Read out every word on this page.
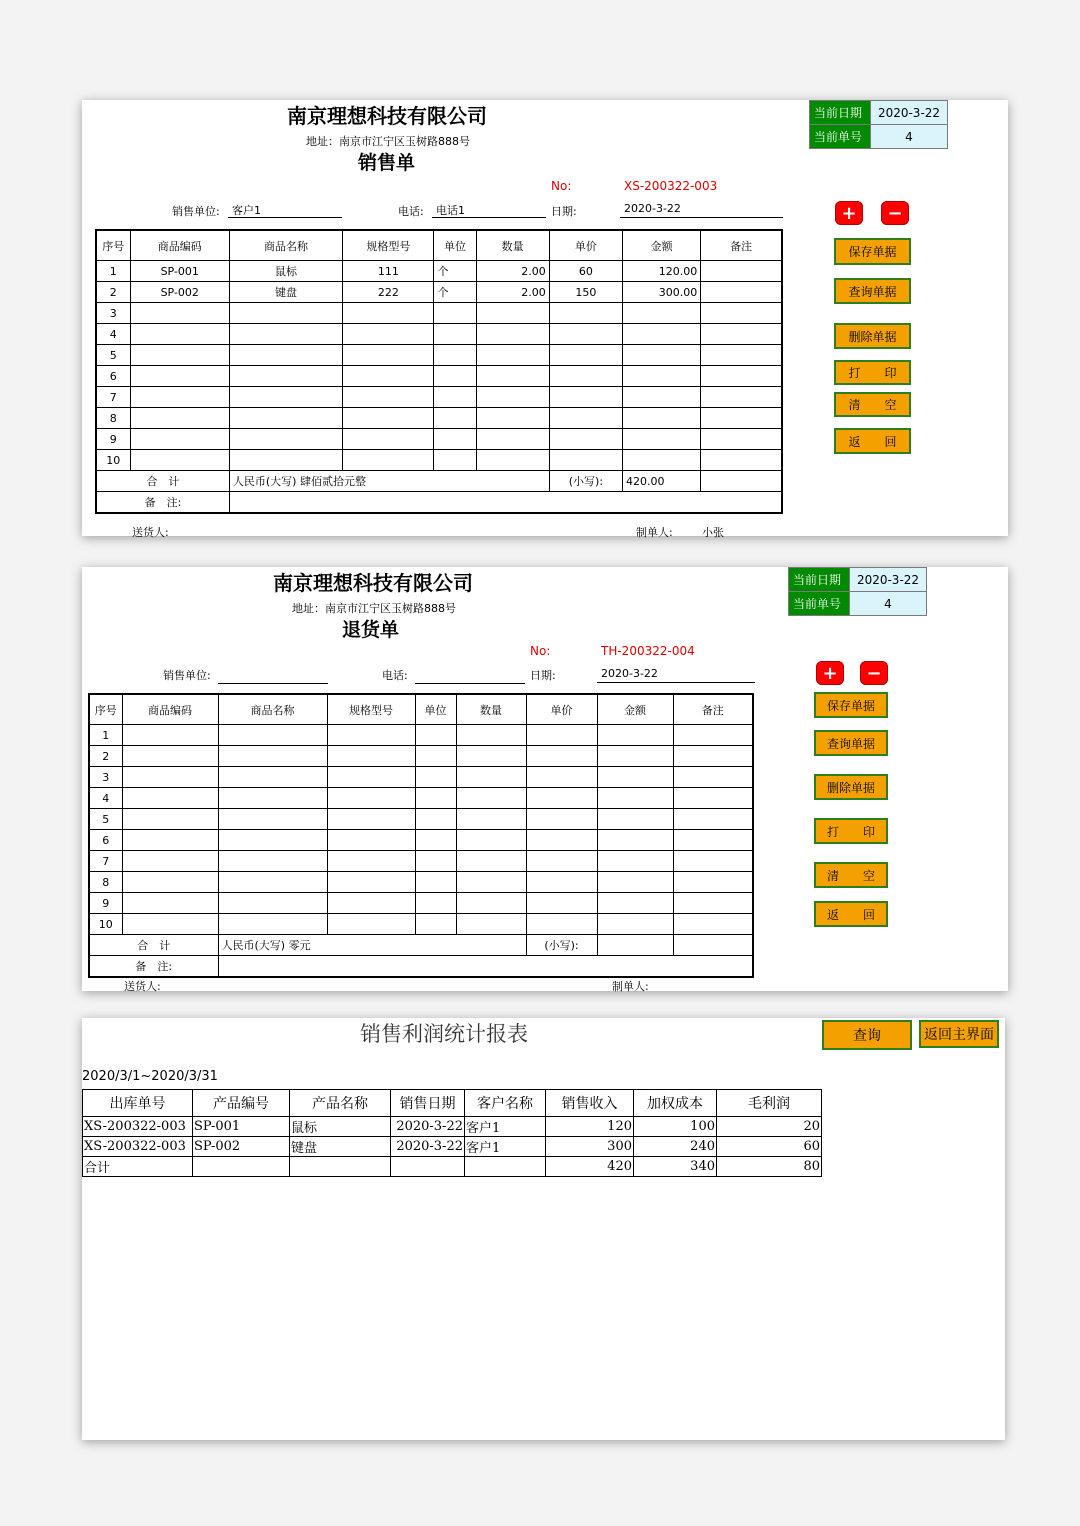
南京理想科技有限公司
地址：南京市江宁区玉树路888号
销售单
当前日期	2020-3-22
当前单号	4
No:	XS-200322-003
销售单位:	客户1	电话:	电话1	日期:	2020-3-22
序号	商品编码	商品名称	规格型号	单位	数量	单价	金额	备注
1	SP-001	鼠标	111	个	2.00	60	120.00	
2	SP-002	键盘	222	个	2.00	150	300.00	
3								
4								
5								
6								
7								
8								
9								
10								
合　计		人民币(大写) 肆佰贰拾元整				(小写):	420.00	
备　注:								
送货人:	制单人:	小张
+	−
保存单据
查询单据
删除单据
打　　印
清　　空
返　　回
南京理想科技有限公司
地址：南京市江宁区玉树路888号
退货单
当前日期	2020-3-22
当前单号	4
No:	TH-200322-004
销售单位:	电话:	日期:	2020-3-22
序号	商品编码	商品名称	规格型号	单位	数量	单价	金额	备注
1								
2								
3								
4								
5								
6								
7								
8								
9								
10								
合　计		人民币(大写) 零元				(小写):		
备　注:								
送货人:	制单人:
+	−
保存单据
查询单据
删除单据
打　　印
清　　空
返　　回
销售利润统计报表	查询	返回主界面
2020/3/1~2020/3/31
出库单号	产品编号	产品名称	销售日期	客户名称	销售收入	加权成本	毛利润
XS-200322-003	SP-001	鼠标	2020-3-22	客户1	120	100	20
XS-200322-003	SP-002	键盘	2020-3-22	客户1	300	240	60
合计					420	340	80
